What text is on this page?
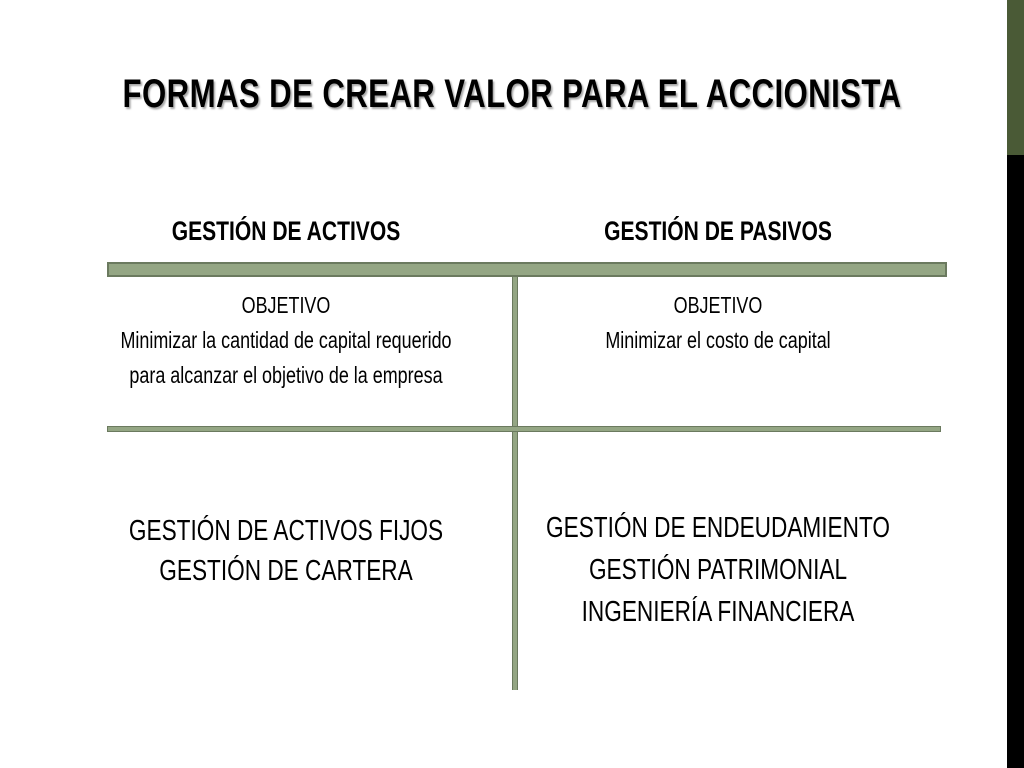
FORMAS DE CREAR VALOR PARA EL ACCIONISTA
GESTIÓN DE ACTIVOS	GESTIÓN DE PASIVOS
OBJETIVO
Minimizar la cantidad de capital requerido
para alcanzar el objetivo de la empresa
OBJETIVO
Minimizar el costo de capital
GESTIÓN DE ACTIVOS FIJOS
GESTIÓN DE CARTERA
GESTIÓN DE ENDEUDAMIENTO
GESTIÓN PATRIMONIAL
INGENIERÍA FINANCIERA
